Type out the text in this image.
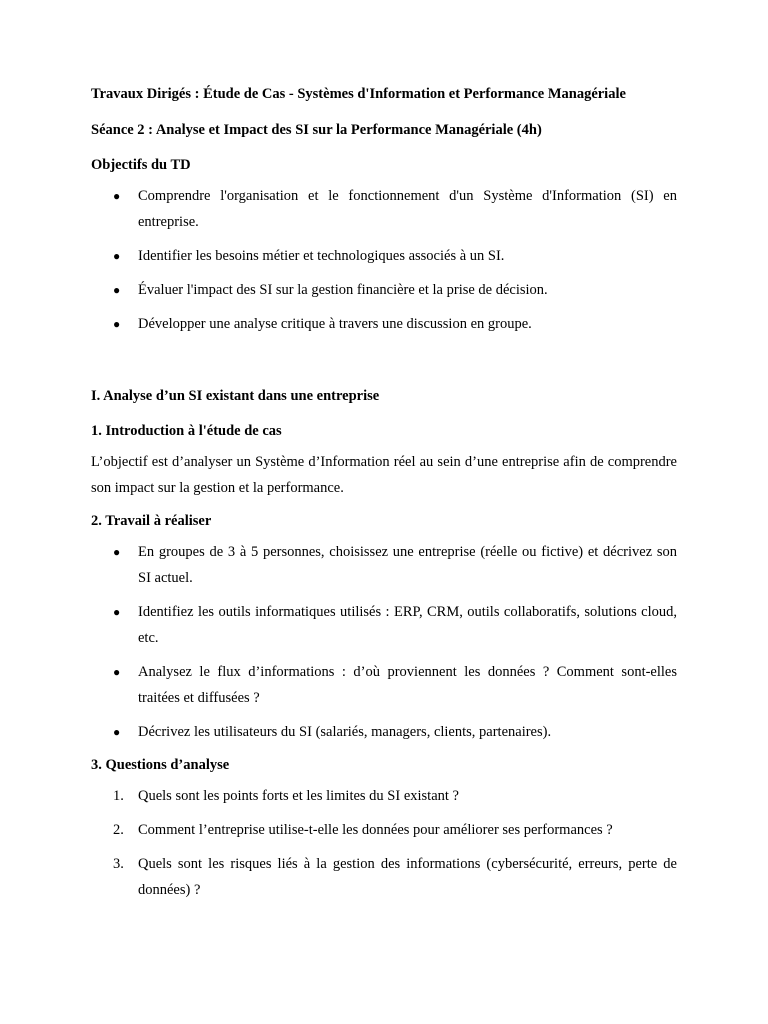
Travaux Dirigés : Étude de Cas - Systèmes d'Information et Performance Managériale

Séance 2 : Analyse et Impact des SI sur la Performance Managériale (4h)

Objectifs du TD

● Comprendre l'organisation et le fonctionnement d'un Système d'Information (SI) en entreprise.
● Identifier les besoins métier et technologiques associés à un SI.
● Évaluer l'impact des SI sur la gestion financière et la prise de décision.
● Développer une analyse critique à travers une discussion en groupe.

I. Analyse d’un SI existant dans une entreprise

1. Introduction à l'étude de cas

L’objectif est d’analyser un Système d’Information réel au sein d’une entreprise afin de comprendre son impact sur la gestion et la performance.

2. Travail à réaliser

● En groupes de 3 à 5 personnes, choisissez une entreprise (réelle ou fictive) et décrivez son SI actuel.
● Identifiez les outils informatiques utilisés : ERP, CRM, outils collaboratifs, solutions cloud, etc.
● Analysez le flux d’informations : d’où proviennent les données ? Comment sont-elles traitées et diffusées ?
● Décrivez les utilisateurs du SI (salariés, managers, clients, partenaires).

3. Questions d’analyse

1. Quels sont les points forts et les limites du SI existant ?
2. Comment l’entreprise utilise-t-elle les données pour améliorer ses performances ?
3. Quels sont les risques liés à la gestion des informations (cybersécurité, erreurs, perte de données) ?
